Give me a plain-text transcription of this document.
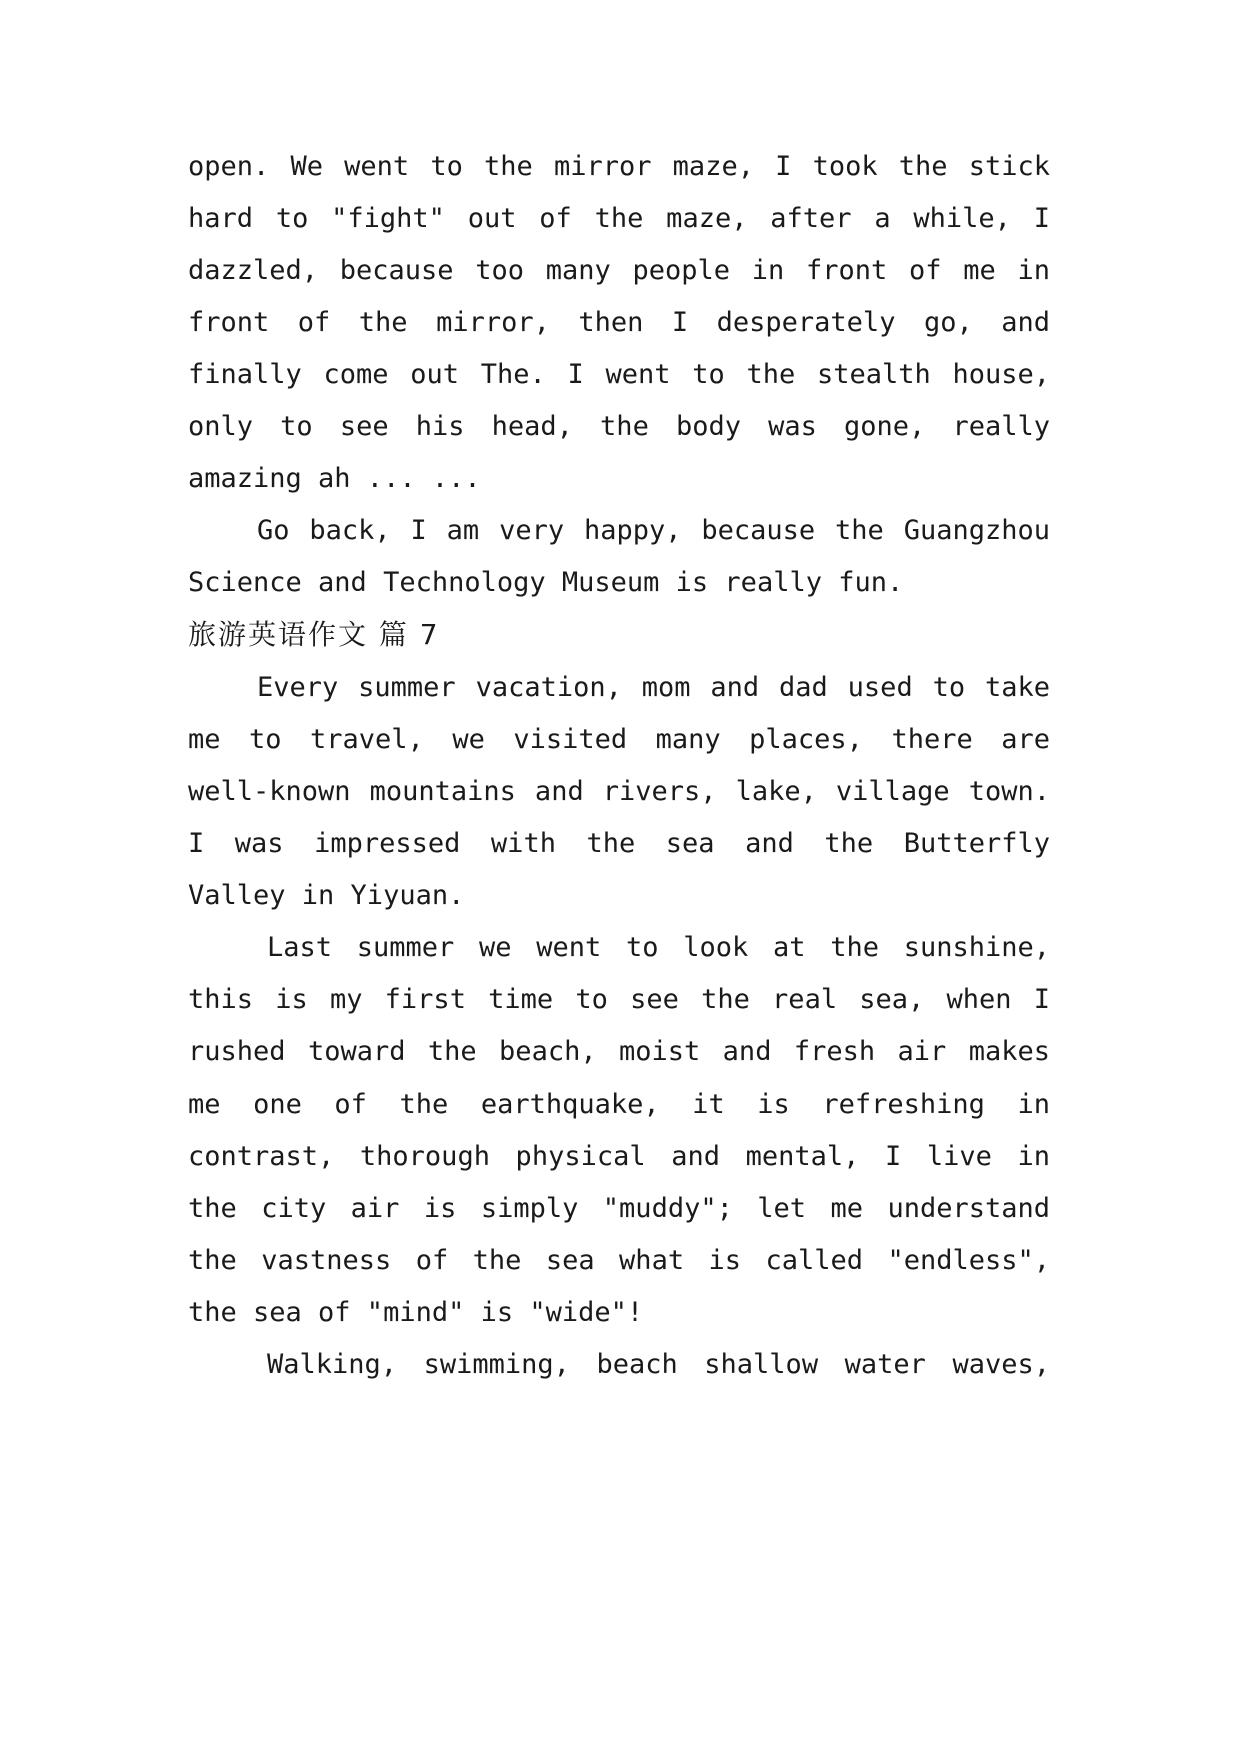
open. We went to the mirror maze, I took the stick
hard to "fight" out of the maze, after a while, I
dazzled, because too many people in front of me in
front of the mirror, then I desperately go, and
finally come out The. I went to the stealth house,
only to see his head, the body was gone, really
amazing ah ... ...
Go back, I am very happy, because the Guangzhou
Science and Technology Museum is really fun.
旅游英语作文 篇 7
Every summer vacation, mom and dad used to take
me to travel, we visited many places, there are
well-known mountains and rivers, lake, village town.
I was impressed with the sea and the Butterfly
Valley in Yiyuan.
Last summer we went to look at the sunshine,
this is my first time to see the real sea, when I
rushed toward the beach, moist and fresh air makes
me one of the earthquake, it is refreshing in
contrast, thorough physical and mental, I live in
the city air is simply "muddy"; let me understand
the vastness of the sea what is called "endless",
the sea of "mind" is "wide"!
Walking, swimming, beach shallow water waves,
